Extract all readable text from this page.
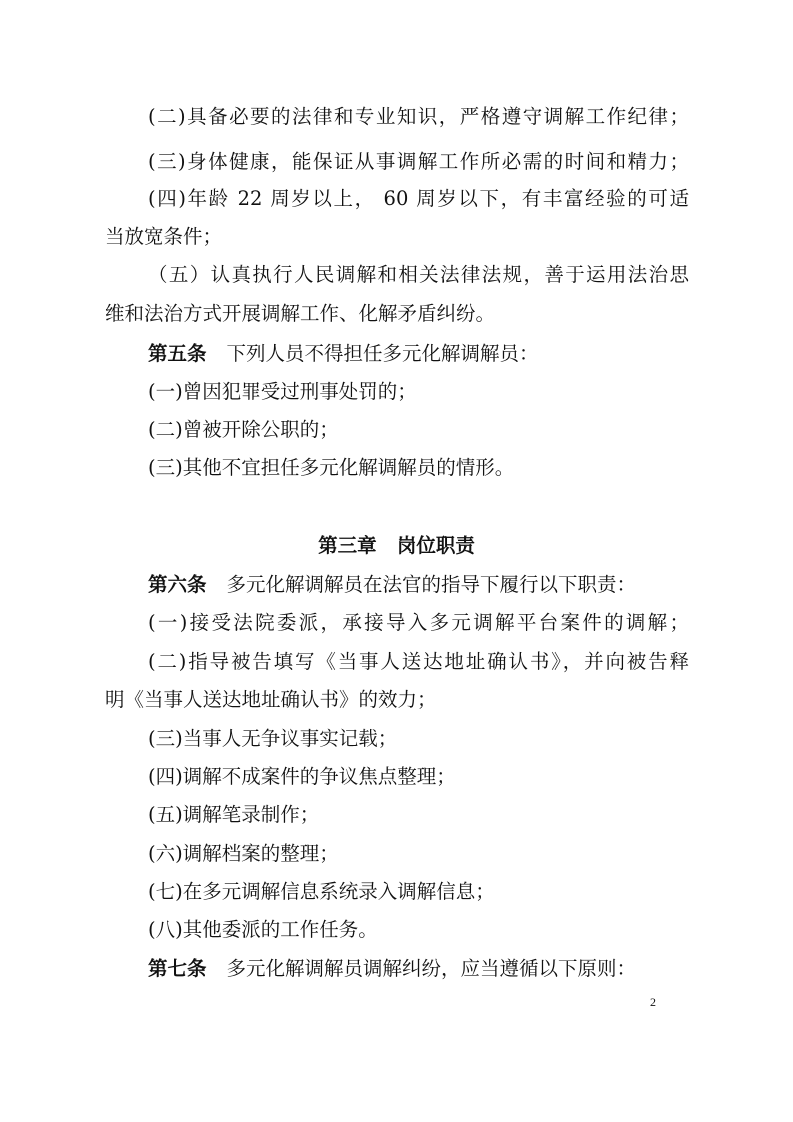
(二)具备必要的法律和专业知识，严格遵守调解工作纪律；
(三)身体健康，能保证从事调解工作所必需的时间和精力；
(四)年龄 22 周岁以上， 60 周岁以下，有丰富经验的可适
当放宽条件；
（五）认真执行人民调解和相关法律法规，善于运用法治思
维和法治方式开展调解工作、化解矛盾纠纷。
第五条 下列人员不得担任多元化解调解员：
(一)曾因犯罪受过刑事处罚的；
(二)曾被开除公职的；
(三)其他不宜担任多元化解调解员的情形。
第三章   岗位职责
第六条 多元化解调解员在法官的指导下履行以下职责：
(一)接受法院委派，承接导入多元调解平台案件的调解；
(二)指导被告填写《当事人送达地址确认书》，并向被告释
明《当事人送达地址确认书》的效力；
(三)当事人无争议事实记载；
(四)调解不成案件的争议焦点整理；
(五)调解笔录制作；
(六)调解档案的整理；
(七)在多元调解信息系统录入调解信息；
(八)其他委派的工作任务。
第七条 多元化解调解员调解纠纷，应当遵循以下原则：
2
